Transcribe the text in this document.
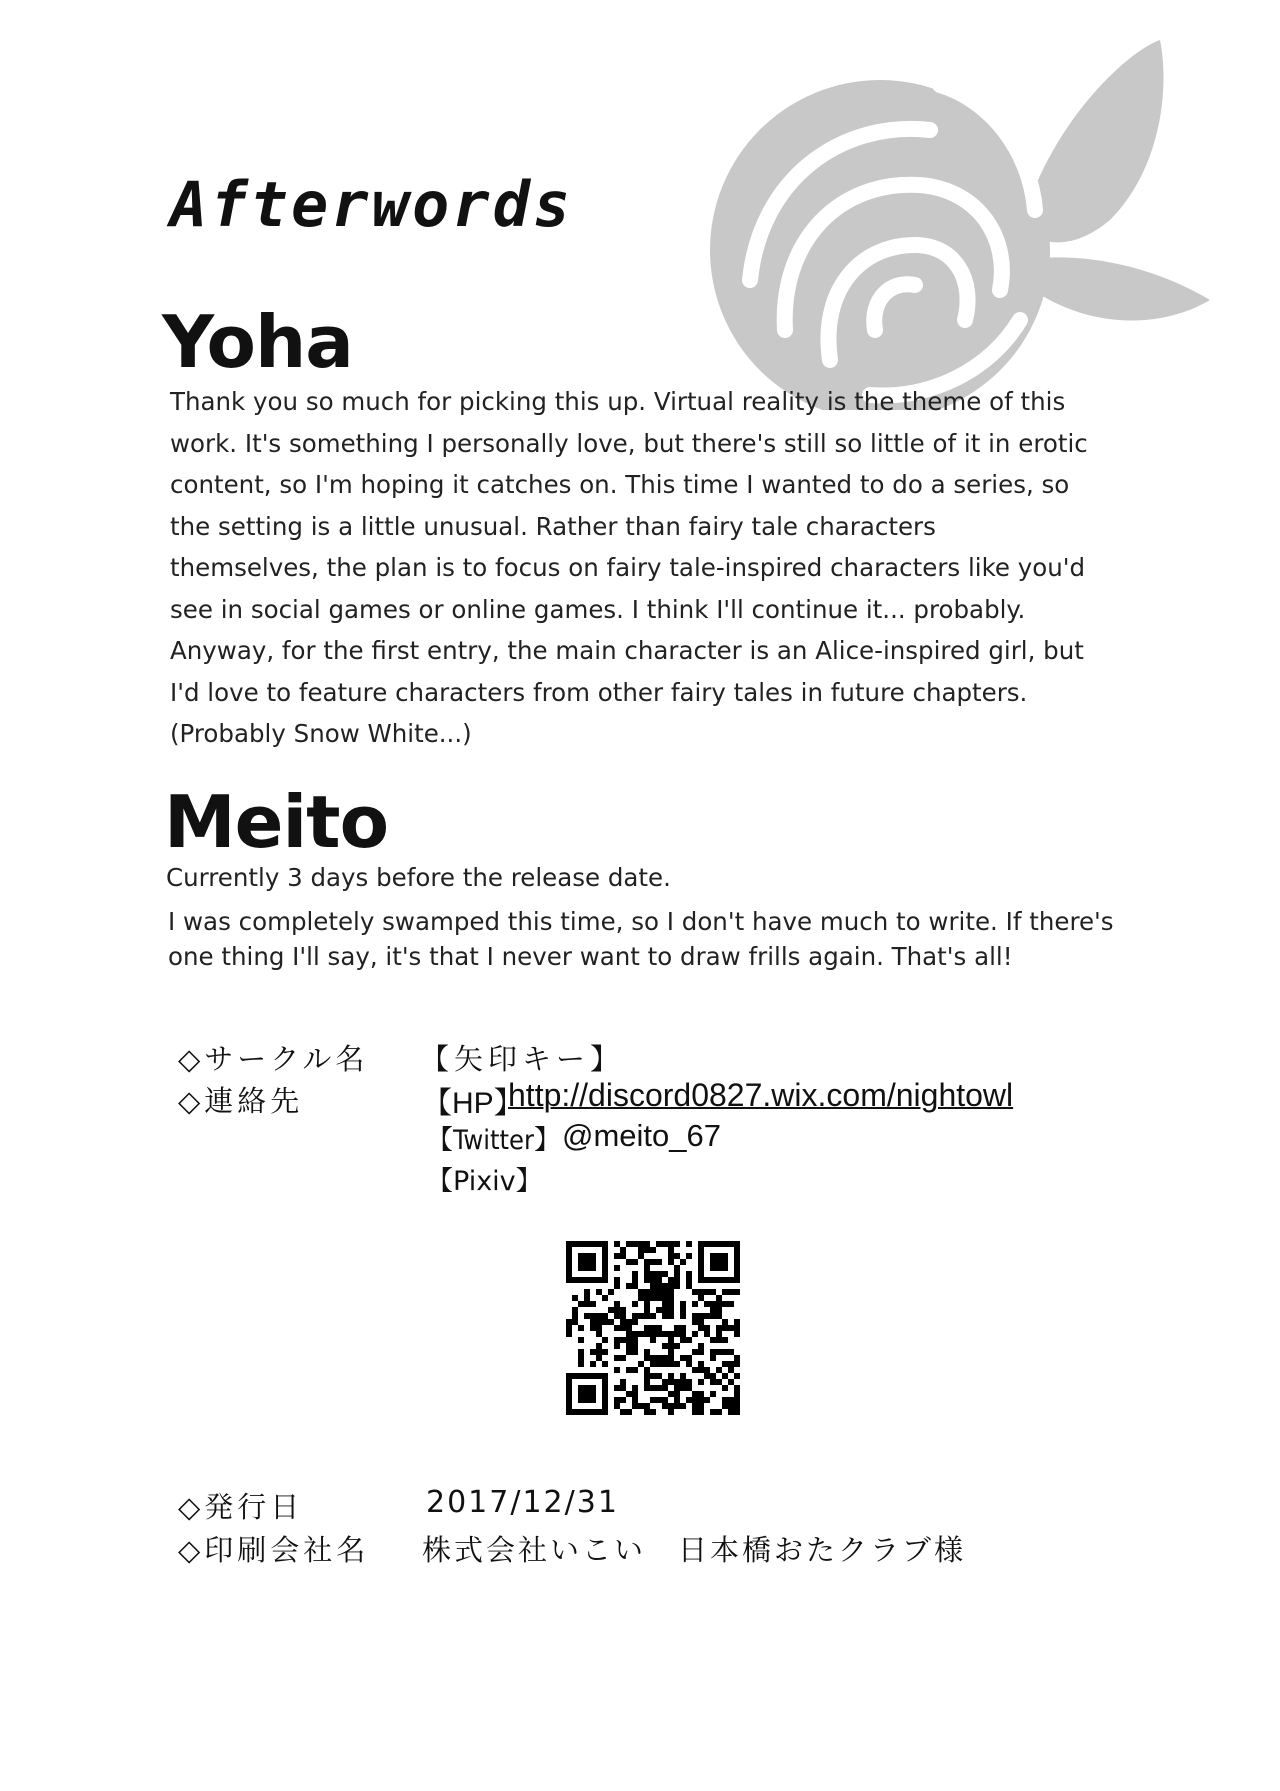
Afterwords
Yoha
Thank you so much for picking this up. Virtual reality is the theme of this
work. It's something I personally love, but there's still so little of it in erotic
content, so I'm hoping it catches on. This time I wanted to do a series, so
the setting is a little unusual. Rather than fairy tale characters
themselves, the plan is to focus on fairy tale-inspired characters like you'd
see in social games or online games. I think I'll continue it... probably.
Anyway, for the first entry, the main character is an Alice-inspired girl, but
I'd love to feature characters from other fairy tales in future chapters.
(Probably Snow White...)
Meito
Currently 3 days before the release date.
I was completely swamped this time, so I don't have much to write. If there's
one thing I'll say, it's that I never want to draw frills again. That's all!
◇サークル名 【矢印キー】
◇連絡先	【HP】
http://discord0827.wix.com/nightowl
【Twitter】 @meito_67
【Pixiv】
◇発行日	2017/12/31
◇印刷会社名 株式会社いこい　日本橋おたクラブ様
